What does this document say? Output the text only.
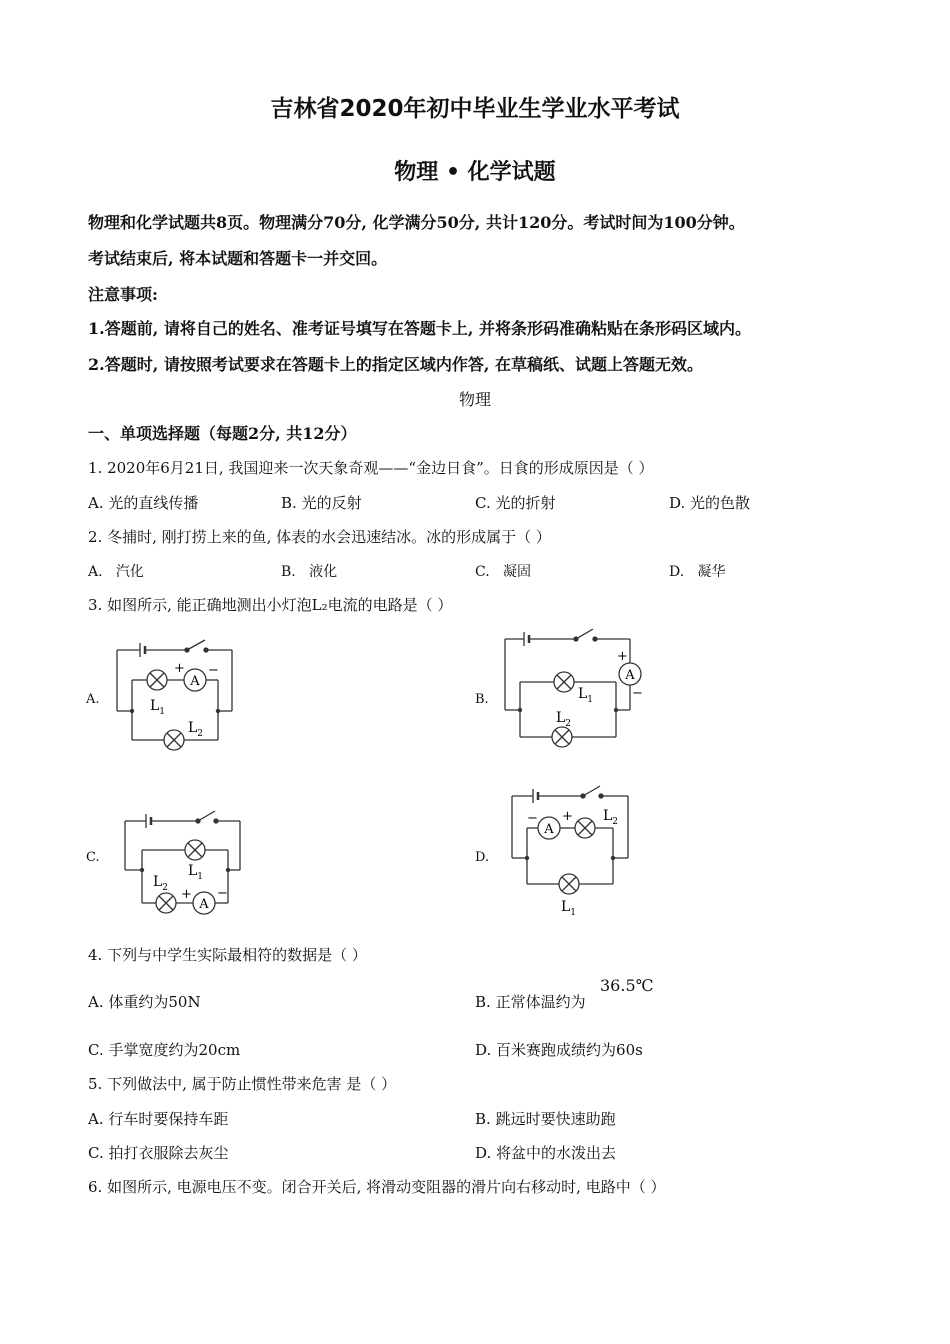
吉林省2020年初中毕业生学业水平考试
物理 • 化学试题
物理和化学试题共8页。物理满分70分, 化学满分50分, 共计120分。考试时间为100分钟。
考试结束后, 将本试题和答题卡一并交回。
注意事项:
1.答题前, 请将自己的姓名、准考证号填写在答题卡上, 并将条形码准确粘贴在条形码区域内。
2.答题时, 请按照考试要求在答题卡上的指定区域内作答, 在草稿纸、试题上答题无效。
物理
一、单项选择题（每题2分, 共12分）
1. 2020年6月21日, 我国迎来一次天象奇观——“金边日食”。日食的形成原因是（ ）
A. 光的直线传播	B. 光的反射	C. 光的折射	D. 光的色散
2. 冬捕时, 刚打捞上来的鱼, 体表的水会迅速结冰。冰的形成属于（ ）
A. 汽化	B. 液化	C. 凝固	D. 凝华
3. 如图所示, 能正确地测出小灯泡L₂电流的电路是（ ）
A.	B.
C.	D.
A
+ −
$L_1$
$L_2$
A
+
−
$L_1$
$L_2$
A
+ −
$L_1$
$L_2$
A
− + $L_2$
$L_1$
4. 下列与中学生实际最相符的数据是（ ）
A. 体重约为50N	B. 正常体温约为
36.5℃
C. 手掌宽度约为20cm	D. 百米赛跑成绩约为60s
5. 下列做法中, 属于防止惯性带来危害 是（ ）
A. 行车时要保持车距	B. 跳远时要快速助跑
C. 拍打衣服除去灰尘	D. 将盆中的水泼出去
6. 如图所示, 电源电压不变。闭合开关后, 将滑动变阻器的滑片向右移动时, 电路中（ ）
